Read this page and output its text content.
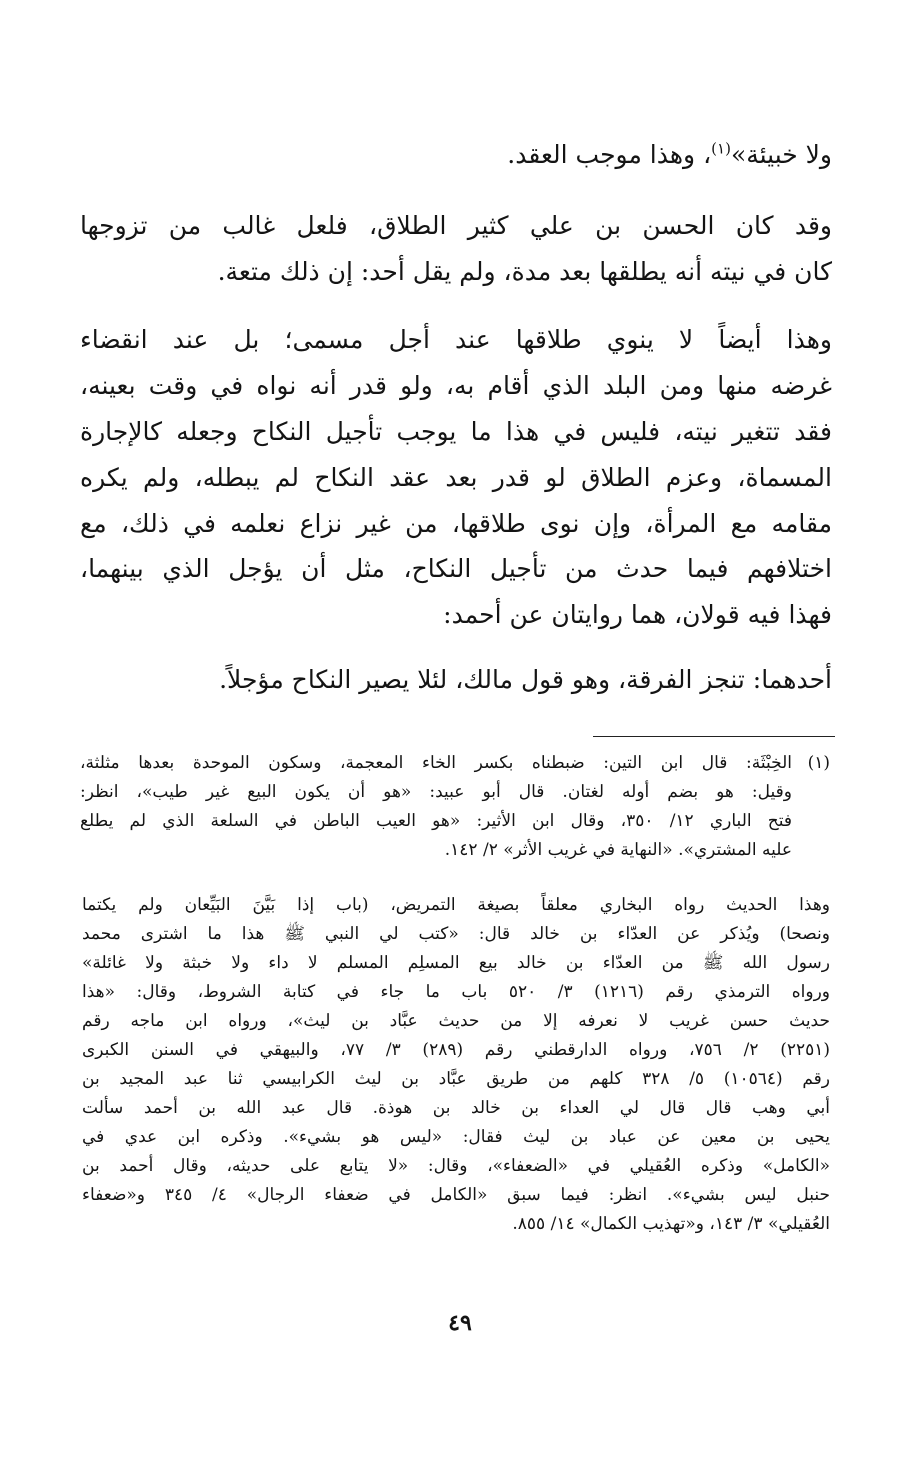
ولا خبيئة»$^{(١)}$، وهذا موجب العقد.
وقد كان الحسن بن علي كثير الطلاق، فلعل غالب من تزوجها
كان في نيته أنه يطلقها بعد مدة، ولم يقل أحد: إن ذلك متعة.
وهذا أيضاً لا ينوي طلاقها عند أجل مسمى؛ بل عند انقضاء
غرضه منها ومن البلد الذي أقام به، ولو قدر أنه نواه في وقت بعينه،
فقد تتغير نيته، فليس في هذا ما يوجب تأجيل النكاح وجعله كالإجارة
المسماة، وعزم الطلاق لو قدر بعد عقد النكاح لم يبطله، ولم يكره
مقامه مع المرأة، وإن نوى طلاقها، من غير نزاع نعلمه في ذلك، مع
اختلافهم فيما حدث من تأجيل النكاح، مثل أن يؤجل الذي بينهما،
فهذا فيه قولان، هما روايتان عن أحمد:
أحدهما: تنجز الفرقة، وهو قول مالك، لئلا يصير النكاح مؤجلاً.
(١)
الخِبْثَة: قال ابن التين: ضبطناه بكسر الخاء المعجمة، وسكون الموحدة بعدها مثلثة،
وقيل: هو بضم أوله لغتان. قال أبو عبيد: «هو أن يكون البيع غير طيب»، انظر:
فتح الباري ١٢/ ٣٥٠، وقال ابن الأثير: «هو العيب الباطن في السلعة الذي لم يطلع
عليه المشتري». «النهاية في غريب الأثر» ٢/ ١٤٢.
وهذا الحديث رواه البخاري معلقاً بصيغة التمريض، (باب إذا بَيَّنَ البَيِّعان ولم يكتما
ونصحا) ويُذكر عن العدّاء بن خالد قال: «كتب لي النبي ﷺ هذا ما اشترى محمد
رسول الله ﷺ من العدّاء بن خالد بيع المسلِم المسلم لا داء ولا خبثة ولا غائلة»
ورواه الترمذي رقم (١٢١٦) ٣/ ٥٢٠ باب ما جاء في كتابة الشروط، وقال: «هذا
حديث حسن غريب لا نعرفه إلا من حديث عبَّاد بن ليث»، ورواه ابن ماجه رقم
(٢٢٥١) ٢/ ٧٥٦، ورواه الدارقطني رقم (٢٨٩) ٣/ ٧٧، والبيهقي في السنن الكبرى
رقم (١٠٥٦٤) ٥/ ٣٢٨ كلهم من طريق عبَّاد بن ليث الكرابيسي ثنا عبد المجيد بن
أبي وهب قال قال لي العداء بن خالد بن هوذة. قال عبد الله بن أحمد سألت
يحيى بن معين عن عباد بن ليث فقال: «ليس هو بشيء». وذكره ابن عدي في
«الكامل» وذكره العُقيلي في «الضعفاء»، وقال: «لا يتابع على حديثه، وقال أحمد بن
حنبل ليس بشيء». انظر: فيما سبق «الكامل في ضعفاء الرجال» ٤/ ٣٤٥ و«ضعفاء
العُقيلي» ٣/ ١٤٣، و«تهذيب الكمال» ١٤/ ٨٥٥.
٤٩
